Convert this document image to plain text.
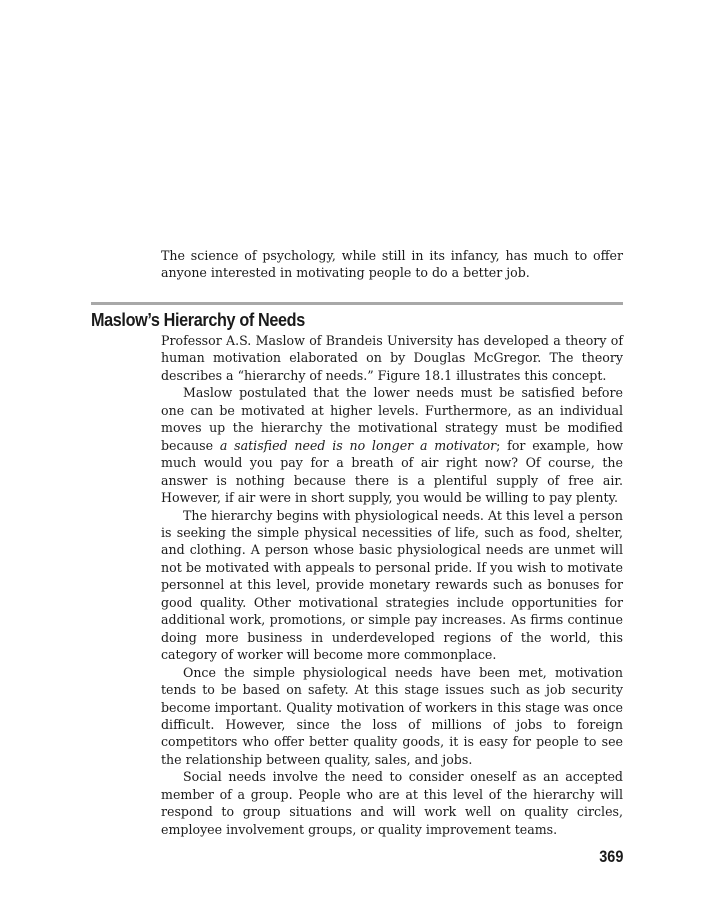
The science of psychology, while still in its infancy, has much to offer anyone interested in motivating people to do a better job.

Maslow’s Hierarchy of Needs

Professor A.S. Maslow of Brandeis University has developed a theory of human motivation elaborated on by Douglas McGregor. The theory describes a “hierarchy of needs.” Figure 18.1 illustrates this concept.

Maslow postulated that the lower needs must be satisfied before one can be motivated at higher levels. Furthermore, as an individual moves up the hierarchy the motivational strategy must be modified because a satisfied need is no longer a motivator; for example, how much would you pay for a breath of air right now? Of course, the answer is nothing because there is a plentiful supply of free air. However, if air were in short supply, you would be willing to pay plenty.

The hierarchy begins with physiological needs. At this level a person is seeking the simple physical necessities of life, such as food, shelter, and clothing. A person whose basic physiological needs are unmet will not be motivated with appeals to personal pride. If you wish to motivate personnel at this level, provide monetary rewards such as bonuses for good quality. Other motivational strategies include opportunities for additional work, promotions, or simple pay increases. As firms continue doing more business in underdeveloped regions of the world, this category of worker will become more commonplace.

Once the simple physiological needs have been met, motivation tends to be based on safety. At this stage issues such as job security become important. Quality motivation of workers in this stage was once difficult. However, since the loss of millions of jobs to foreign competitors who offer better quality goods, it is easy for people to see the relationship between quality, sales, and jobs.

Social needs involve the need to consider oneself as an accepted member of a group. People who are at this level of the hierarchy will respond to group situations and will work well on quality circles, employee involvement groups, or quality improvement teams.

369
